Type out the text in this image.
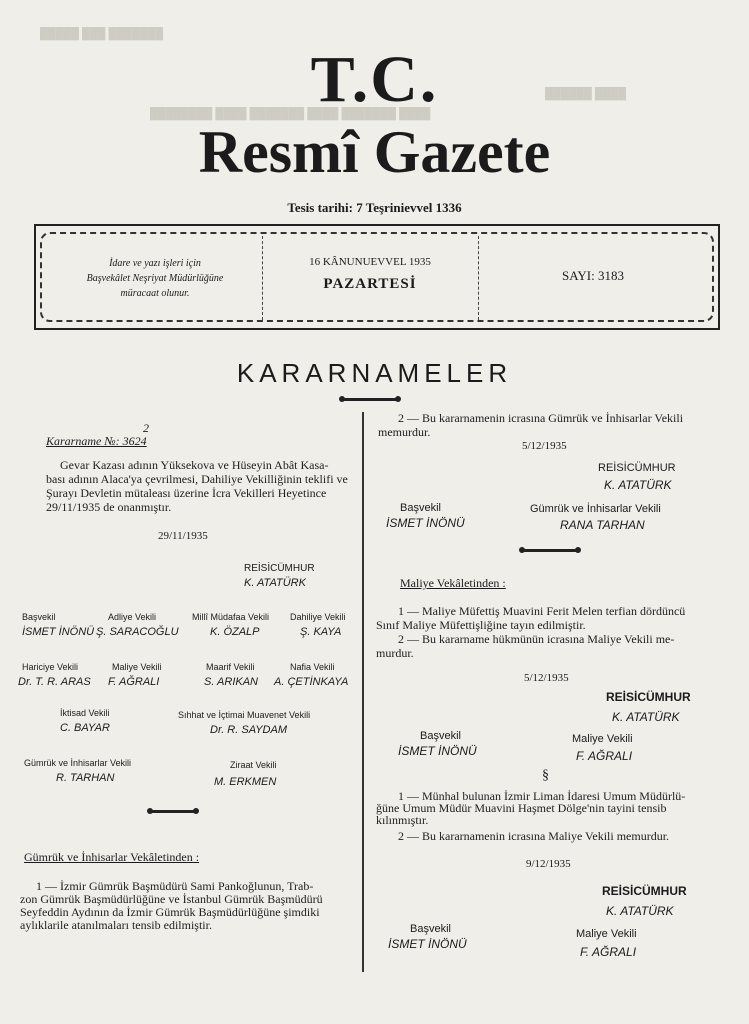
█████ ███ ███████
████████ ████ ███████ ████ ███████ ████
██████ ████
T.C.
Resmî Gazete
Tesis tarihi: 7 Teşrinievvel 1336
İdare ve yazı işleri için
Başvekâlet Neşriyat Müdürlüğüne
müracaat olunur.
16 KÂNUNUEVVEL 1935
PAZARTESİ
SAYI: 3183
KARARNAMELER
2
Kararname №: 3624
Gevar Kazası adının Yüksekova ve Hüseyin Abât Kasa-
bası adının Alaca'ya çevrilmesi, Dahiliye Vekilliğinin teklifi ve
Şurayı Devletin mütaleası üzerine İcra Vekilleri Heyetince
29/11/1935 de onanmıştır.
29/11/1935
REİSİCÜMHUR
K. ATATÜRK
Başvekil
İSMET İNÖNÜ
Adliye Vekili
Ş. SARACOĞLU
Millî Müdafaa Vekili
K. ÖZALP
Dahiliye Vekili
Ş. KAYA
Hariciye Vekili
Dr. T. R. ARAS
Maliye Vekili
F. AĞRALI
Maarif Vekili
S. ARIKAN
Nafia Vekili
A. ÇETİNKAYA
İktisad Vekili
C. BAYAR
Sıhhat ve İçtimai Muavenet Vekili
Dr. R. SAYDAM
Gümrük ve İnhisarlar Vekili
R. TARHAN
Ziraat Vekili
M. ERKMEN
Gümrük ve İnhisarlar Vekâletinden :
1 — İzmir Gümrük Başmüdürü Sami Pankoğlunun, Trab-
zon Gümrük Başmüdürlüğüne ve İstanbul Gümrük Başmüdürü
Seyfeddin Aydının da İzmir Gümrük Başmüdürlüğüne şimdiki
aylıklarile atanılmaları tensib edilmiştir.
2 — Bu kararnamenin icrasına Gümrük ve İnhisarlar Vekili
memurdur.
5/12/1935
REİSİCÜMHUR
K. ATATÜRK
Başvekil
İSMET İNÖNÜ
Gümrük ve İnhisarlar Vekili
RANA TARHAN
Maliye Vekâletinden :
1 — Maliye Müfettiş Muavini Ferit Melen terfian dördüncü
Sınıf Maliye Müfettişliğine tayın edilmiştir.
2 — Bu kararname hükmünün icrasına Maliye Vekili me-
murdur.
5/12/1935
REİSİCÜMHUR
K. ATATÜRK
Başvekil
İSMET İNÖNÜ
Maliye Vekili
F. AĞRALI
§
1 — Münhal bulunan İzmir Liman İdaresi Umum Müdürlü-
ğüne Umum Müdür Muavini Haşmet Dölge'nin tayini tensib
kılınmıştır.
2 — Bu kararnamenin icrasına Maliye Vekili memurdur.
9/12/1935
REİSİCÜMHUR
K. ATATÜRK
Başvekil
İSMET İNÖNÜ
Maliye Vekili
F. AĞRALI
